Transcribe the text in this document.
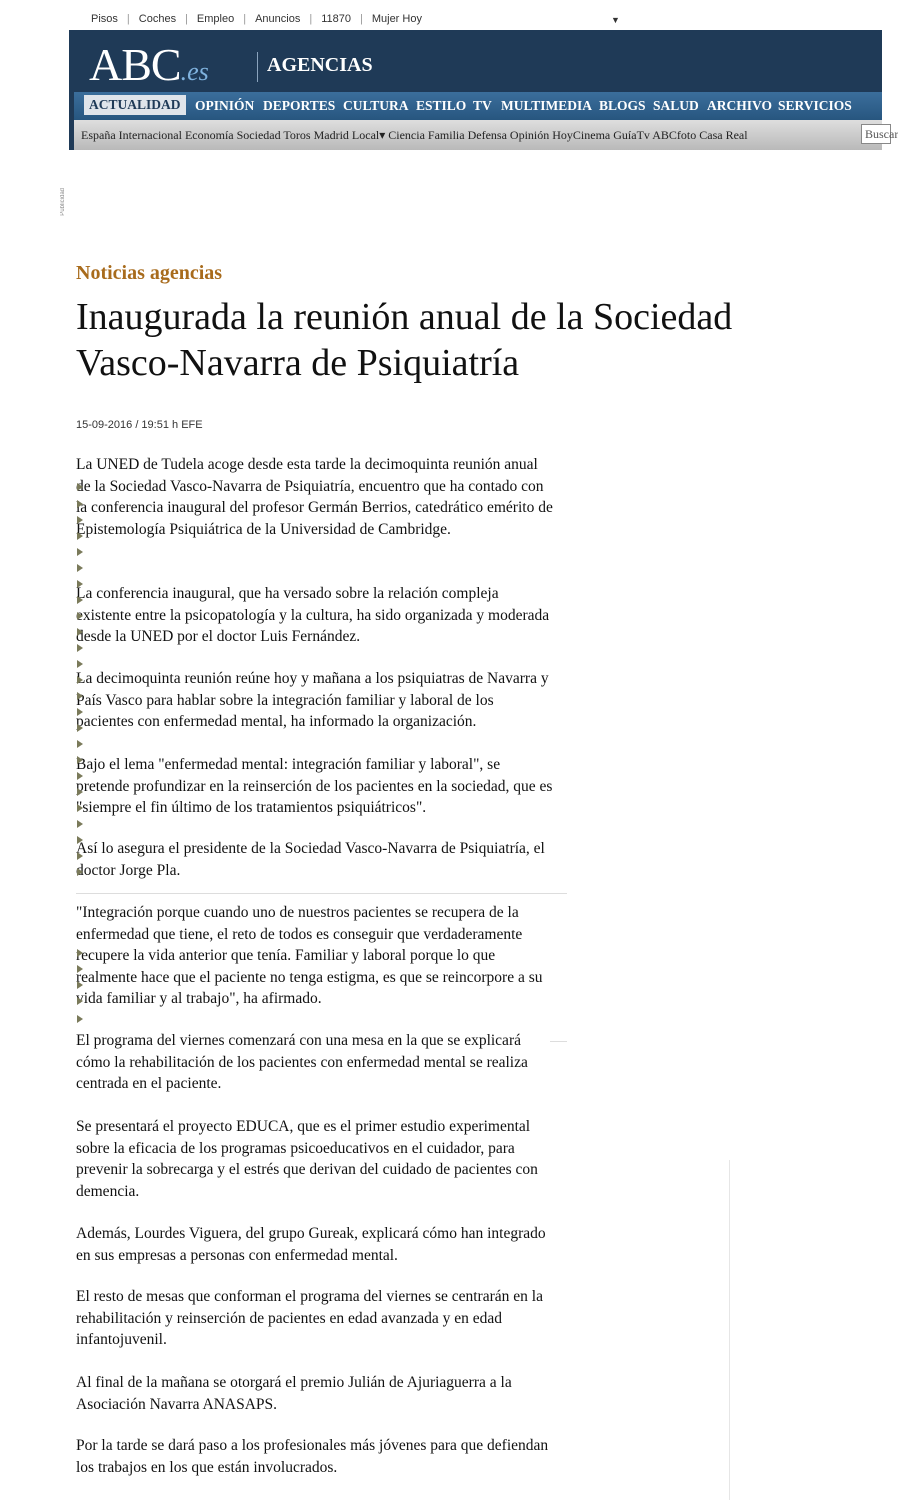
Pisos | Coches | Empleo | Anuncios | 11870 | Mujer Hoy	▼
ABC.es	AGENCIAS
ACTUALIDAD	OPINIÓN DEPORTES CULTURA ESTILO TV MULTIMEDIA BLOGS SALUD ARCHIVO SERVICIOS
España Internacional Economía Sociedad Toros Madrid Local▾ Ciencia Familia Defensa Opinión HoyCinema GuíaTv ABCfoto Casa Real	Buscar
Publicidad
Noticias agencias
Inaugurada la reunión anual de la Sociedad Vasco-Navarra de Psiquiatría
15-09-2016 / 19:51 h EFE

La UNED de Tudela acoge desde esta tarde la decimoquinta reunión anual de la Sociedad Vasco-Navarra de Psiquiatría, encuentro que ha contado con la conferencia inaugural del profesor Germán Berrios, catedrático emérito de Epistemología Psiquiátrica de la Universidad de Cambridge.

La conferencia inaugural, que ha versado sobre la relación compleja existente entre la psicopatología y la cultura, ha sido organizada y moderada desde la UNED por el doctor Luis Fernández.

La decimoquinta reunión reúne hoy y mañana a los psiquiatras de Navarra y País Vasco para hablar sobre la integración familiar y laboral de los pacientes con enfermedad mental, ha informado la organización.

Bajo el lema "enfermedad mental: integración familiar y laboral", se pretende profundizar en la reinserción de los pacientes en la sociedad, que es "siempre el fin último de los tratamientos psiquiátricos".

Así lo asegura el presidente de la Sociedad Vasco-Navarra de Psiquiatría, el doctor Jorge Pla.

"Integración porque cuando uno de nuestros pacientes se recupera de la enfermedad que tiene, el reto de todos es conseguir que verdaderamente recupere la vida anterior que tenía. Familiar y laboral porque lo que realmente hace que el paciente no tenga estigma, es que se reincorpore a su vida familiar y al trabajo", ha afirmado.

El programa del viernes comenzará con una mesa en la que se explicará cómo la rehabilitación de los pacientes con enfermedad mental se realiza centrada en el paciente.

Se presentará el proyecto EDUCA, que es el primer estudio experimental sobre la eficacia de los programas psicoeducativos en el cuidador, para prevenir la sobrecarga y el estrés que derivan del cuidado de pacientes con demencia.

Además, Lourdes Viguera, del grupo Gureak, explicará cómo han integrado en sus empresas a personas con enfermedad mental.

El resto de mesas que conforman el programa del viernes se centrarán en la rehabilitación y reinserción de pacientes en edad avanzada y en edad infantojuvenil.

Al final de la mañana se otorgará el premio Julián de Ajuriaguerra a la Asociación Navarra ANASAPS.

Por la tarde se dará paso a los profesionales más jóvenes para que defiendan los trabajos en los que están involucrados.
